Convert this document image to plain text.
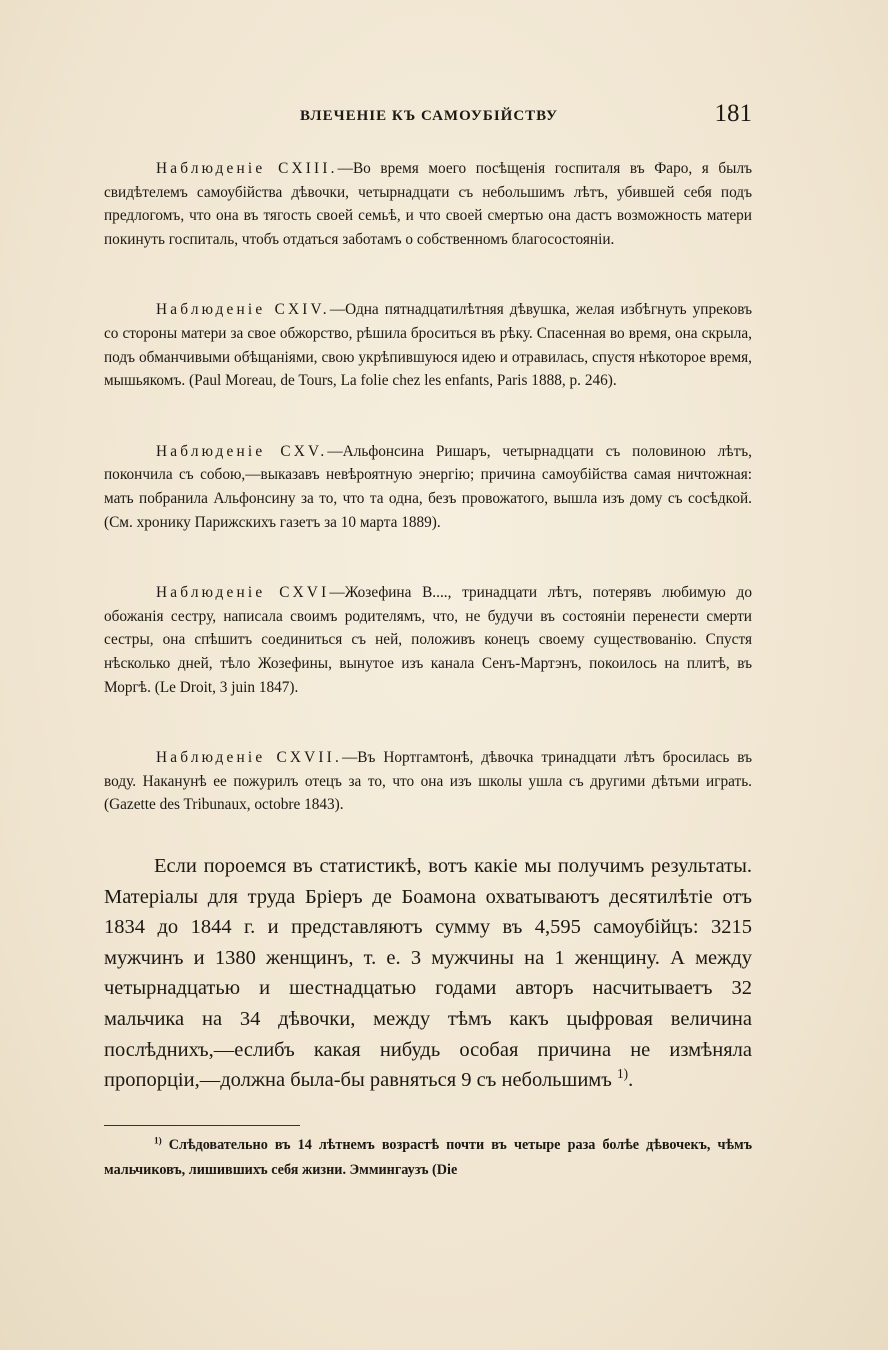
ВЛЕЧЕНІЕ КЪ САМОУБІЙСТВУ	181

Наблюденіе CXIII.—Во время моего посѣщенія госпиталя въ Фаро, я былъ свидѣтелемъ самоубійства дѣвочки, четырнадцати съ небольшимъ лѣтъ, убившей себя подъ предлогомъ, что она въ тягость своей семьѣ, и что своей смертью она дастъ возможность матери покинуть госпиталь, чтобъ отдаться заботамъ о собственномъ благосостояніи.

Наблюденіе CXIV.—Одна пятнадцатилѣтняя дѣвушка, желая избѣгнуть упрековъ со стороны матери за свое обжорство, рѣшила броситься въ рѣку. Спасенная во время, она скрыла, подъ обманчивыми обѣщаніями, свою укрѣпившуюся идею и отравилась, спустя нѣкоторое время, мышьякомъ. (Paul Moreau, de Tours, La folie chez les enfants, Paris 1888, p. 246).

Наблюденіе CXV.—Альфонсина Ришаръ, четырнадцати съ половиною лѣтъ, покончила съ собою,—выказавъ невѣроятную энергію; причина самоубійства самая ничтожная: мать побранила Альфонсину за то, что та одна, безъ провожатого, вышла изъ дому съ сосѣдкой. (См. хронику Парижскихъ газетъ за 10 марта 1889).

Наблюденіе CXVI—Жозефина В...., тринадцати лѣтъ, потерявъ любимую до обожанія сестру, написала своимъ родителямъ, что, не будучи въ состояніи перенести смерти сестры, она спѣшитъ соединиться съ ней, положивъ конецъ своему существованію. Спустя нѣсколько дней, тѣло Жозефины, вынутое изъ канала Сенъ-Мартэнъ, покоилось на плитѣ, въ Моргѣ. (Le Droit, 3 juin 1847).

Наблюденіе CXVII.—Въ Нортгамтонѣ, дѣвочка тринадцати лѣтъ бросилась въ воду. Наканунѣ ее пожурилъ отецъ за то, что она изъ школы ушла съ другими дѣтьми играть. (Gazette des Tribunaux, octobre 1843).

Если пороемся въ статистикѣ, вотъ какіе мы получимъ результаты. Матеріалы для труда Бріеръ де Боамона охватываютъ десятилѣтіе отъ 1834 до 1844 г. и представляютъ сумму въ 4,595 самоубійцъ: 3215 мужчинъ и 1380 женщинъ, т. е. 3 мужчины на 1 женщину. А между четырнадцатью и шестнадцатью годами авторъ насчитываетъ 32 мальчика на 34 дѣвочки, между тѣмъ какъ цыфровая величина послѣднихъ,—еслибъ какая нибудь особая причина не измѣняла пропорціи,—должна была-бы равняться 9 съ небольшимъ $^{1)}$.

$^{1)}$ Слѣдовательно въ 14 лѣтнемъ возрастѣ почти въ четыре раза болѣе дѣвочекъ, чѣмъ мальчиковъ, лишившихъ себя жизни. Эммингаузъ (Die
